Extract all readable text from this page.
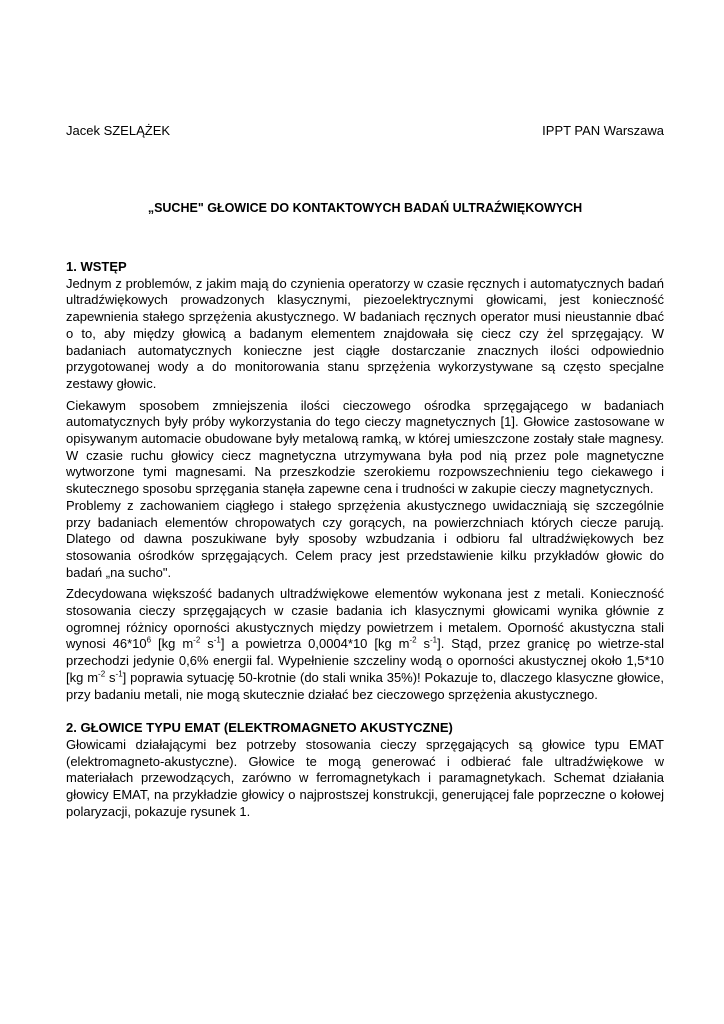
Jacek SZELĄŻEK	IPPT PAN Warszawa
„SUCHE" GŁOWICE DO KONTAKTOWYCH BADAŃ ULTRAŹWIĘKOWYCH
1. WSTĘP

Jednym z problemów, z jakim mają do czynienia operatorzy w czasie ręcznych i automatycznych badań ultradźwiękowych prowadzonych klasycznymi, piezoelektrycznymi głowicami, jest konieczność zapewnienia stałego sprzężenia akustycznego. W badaniach ręcznych operator musi nieustannie dbać o to, aby między głowicą a badanym elementem znajdowała się ciecz czy żel sprzęgający. W badaniach automatycznych konieczne jest ciągłe dostarczanie znacznych ilości odpowiednio przygotowanej wody a do monitorowania stanu sprzężenia wykorzystywane są często specjalne zestawy głowic.

Ciekawym sposobem zmniejszenia ilości cieczowego ośrodka sprzęgającego w badaniach automatycznych były próby wykorzystania do tego cieczy magnetycznych [1]. Głowice zastosowane w opisywanym automacie obudowane były metalową ramką, w której umieszczone zostały stałe magnesy. W czasie ruchu głowicy ciecz magnetyczna utrzymywana była pod nią przez pole magnetyczne wytworzone tymi magnesami. Na przeszkodzie szerokiemu rozpowszechnieniu tego ciekawego i skutecznego sposobu sprzęgania stanęła zapewne cena i trudności w zakupie cieczy magnetycznych.

Problemy z zachowaniem ciągłego i stałego sprzężenia akustycznego uwidaczniają się szczególnie przy badaniach elementów chropowatych czy gorących, na powierzchniach których ciecze parują. Dlatego od dawna poszukiwane były sposoby wzbudzania i odbioru fal ultradźwiękowych bez stosowania ośrodków sprzęgających. Celem pracy jest przedstawienie kilku przykładów głowic do badań „na sucho".

Zdecydowana większość badanych ultradźwiękowe elementów wykonana jest z metali. Konieczność stosowania cieczy sprzęgających w czasie badania ich klasycznymi głowicami wynika głównie z ogromnej różnicy oporności akustycznych między powietrzem i metalem. Oporność akustyczna stali wynosi $46*10^6$ [kg $m^{-2}$ $s^{-1}$] a powietrza 0,0004*10 [kg $m^{-2}$ $s^{-1}$]. Stąd, przez granicę po wietrze-stal przechodzi jedynie 0,6% energii fal. Wypełnienie szczeliny wodą o oporności akustycznej około 1,5*10 [kg $m^{-2}$ $s^{-1}$] poprawia sytuację 50-krotnie (do stali wnika 35%)! Pokazuje to, dlaczego klasyczne głowice, przy badaniu metali, nie mogą skutecznie działać bez cieczowego sprzężenia akustycznego.

2. GŁOWICE TYPU EMAT (ELEKTROMAGNETO AKUSTYCZNE)

Głowicami działającymi bez potrzeby stosowania cieczy sprzęgających są głowice typu EMAT (elektromagneto-akustyczne). Głowice te mogą generować i odbierać fale ultradźwiękowe w materiałach przewodzących, zarówno w ferromagnetykach i paramagnetykach. Schemat działania głowicy EMAT, na przykładzie głowicy o najprostszej konstrukcji, generującej fale poprzeczne o kołowej polaryzacji, pokazuje rysunek 1.
